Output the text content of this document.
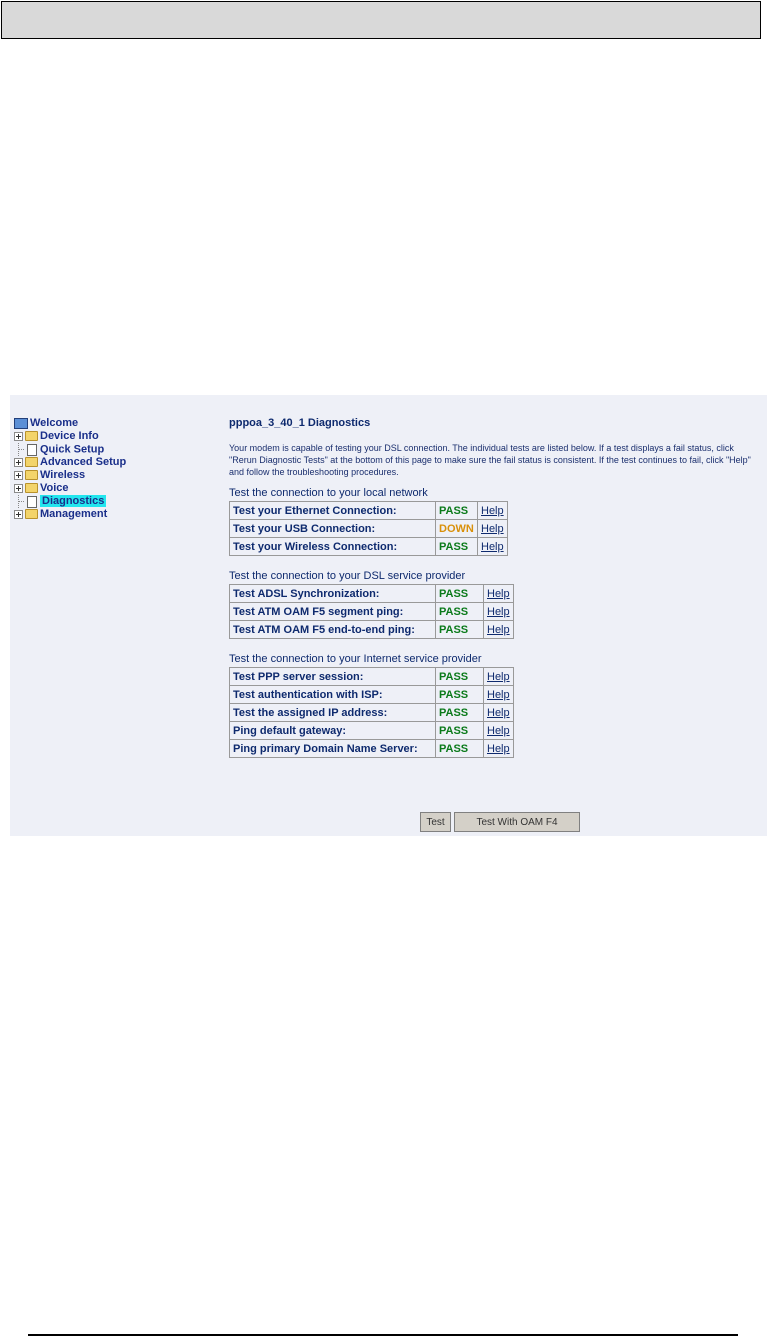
Welcome
Device Info
Quick Setup
Advanced Setup
Wireless
Voice
Diagnostics
Management
pppoa_3_40_1 Diagnostics
Your modem is capable of testing your DSL connection. The individual tests are listed below. If a test displays a fail status, click "Rerun Diagnostic Tests" at the bottom of this page to make sure the fail status is consistent. If the test continues to fail, click "Help" and follow the troubleshooting procedures.
Test the connection to your local network
Test your Ethernet Connection:	PASS	Help
Test your USB Connection:	DOWN	Help
Test your Wireless Connection:	PASS	Help
Test the connection to your DSL service provider
Test ADSL Synchronization:	PASS	Help
Test ATM OAM F5 segment ping:	PASS	Help
Test ATM OAM F5 end-to-end ping:	PASS	Help
Test the connection to your Internet service provider
Test PPP server session:	PASS	Help
Test authentication with ISP:	PASS	Help
Test the assigned IP address:	PASS	Help
Ping default gateway:	PASS	Help
Ping primary Domain Name Server:	PASS	Help
Test	Test With OAM F4
